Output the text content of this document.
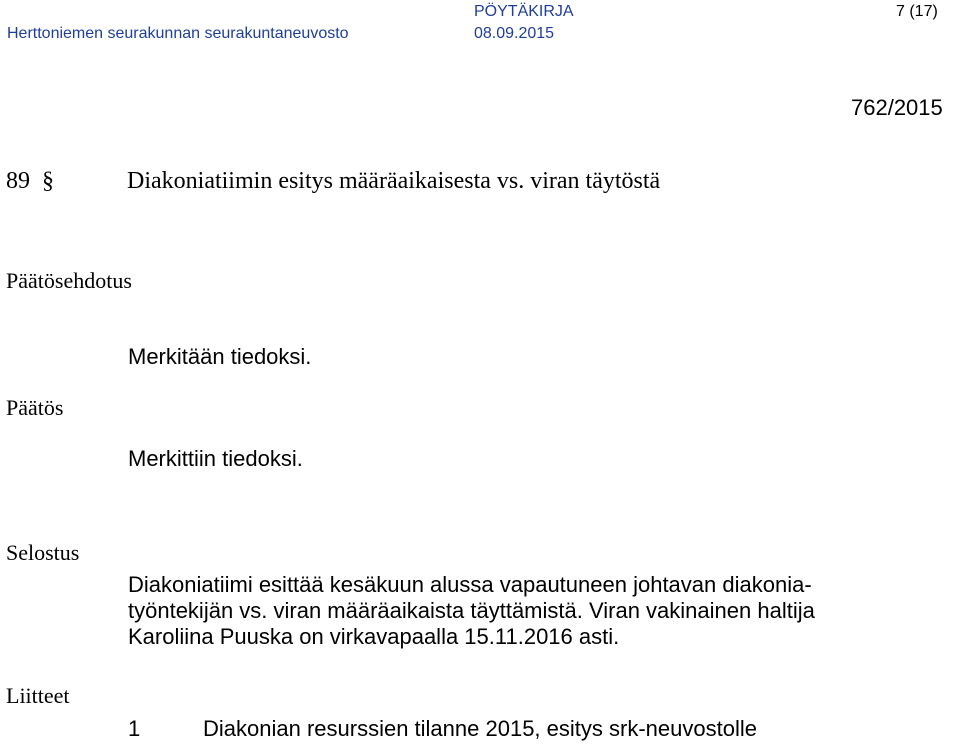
PÖYTÄKIRJA
Herttoniemen seurakunnan seurakuntaneuvosto	08.09.2015
7 (17)
762/2015
89 §	Diakoniatiimin esitys määräaikaisesta vs. viran täytöstä
Päätösehdotus
Merkitään tiedoksi.
Päätös
Merkittiin tiedoksi.
Selostus
Diakoniatiimi esittää kesäkuun alussa vapautuneen johtavan diakonia-
työntekijän vs. viran määräaikaista täyttämistä. Viran vakinainen haltija
Karoliina Puuska on virkavapaalla 15.11.2016 asti.
Liitteet
1	Diakonian resurssien tilanne 2015, esitys srk-neuvostolle
